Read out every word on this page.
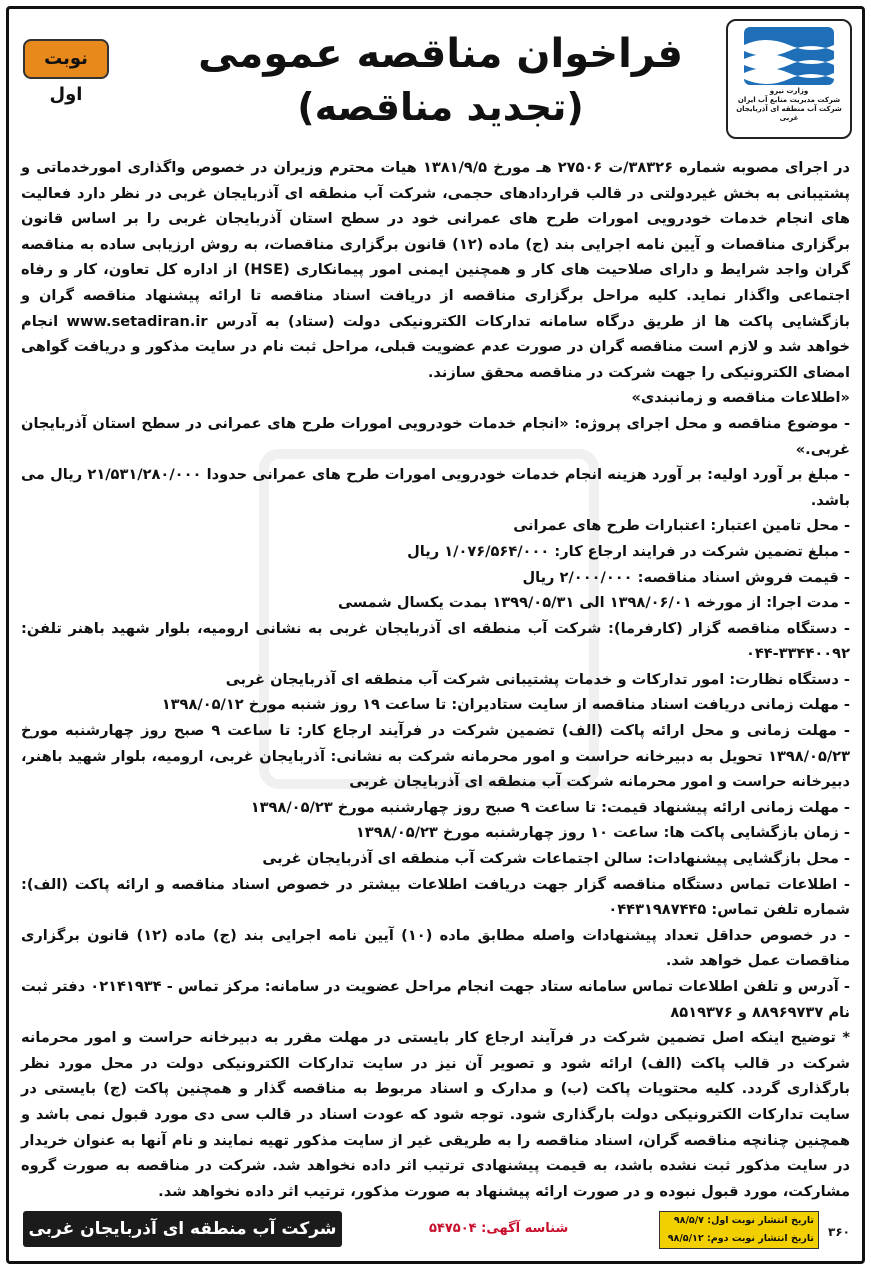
وزارت نیرو
شرکت مدیریت منابع آب ایران
شرکت آب منطقه ای آذربایجان غربی
فراخوان مناقصه عمومی
(تجدید مناقصه)
نوبت اول

در اجرای مصوبه شماره ۳۸۳۲۶/ت ۲۷۵۰۶ هـ مورخ ۱۳۸۱/۹/۵ هیات محترم وزیران در خصوص واگذاری امورخدماتی و پشتیبانی به بخش غیردولتی در قالب قراردادهای حجمی، شرکت آب منطقه ای آذربایجان غربی در نظر دارد فعالیت های انجام خدمات خودرویی امورات طرح های عمرانی خود در سطح استان آذربایجان غربی را بر اساس قانون برگزاری مناقصات و آیین نامه اجرایی بند (ج) ماده (۱۲) قانون برگزاری مناقصات، به روش ارزیابی ساده به مناقصه گران واجد شرایط و دارای صلاحیت های کار و همچنین ایمنی امور پیمانکاری (HSE) از اداره کل تعاون، کار و رفاه اجتماعی واگذار نماید. کلیه مراحل برگزاری مناقصه از دریافت اسناد مناقصه تا ارائه پیشنهاد مناقصه گران و بازگشایی پاکت ها از طریق درگاه سامانه تدارکات الکترونیکی دولت (ستاد) به آدرس www.setadiran.ir انجام خواهد شد و لازم است مناقصه گران در صورت عدم عضویت قبلی، مراحل ثبت نام در سایت مذکور و دریافت گواهی امضای الکترونیکی را جهت شرکت در مناقصه محقق سازند.

«اطلاعات مناقصه و زمانبندی»

- موضوع مناقصه و محل اجرای پروژه: «انجام خدمات خودرویی امورات طرح های عمرانی در سطح استان آذربایجان غربی.»
- مبلغ بر آورد اولیه: بر آورد هزینه انجام خدمات خودرویی امورات طرح های عمرانی حدودا ۲۱/۵۳۱/۲۸۰/۰۰۰ ریال می باشد.
- محل تامین اعتبار: اعتبارات طرح های عمرانی
- مبلغ تضمین شرکت در فرایند ارجاع کار: ۱/۰۷۶/۵۶۴/۰۰۰ ریال
- قیمت فروش اسناد مناقصه: ۲/۰۰۰/۰۰۰ ریال
- مدت اجرا: از مورخه ۱۳۹۸/۰۶/۰۱ الی ۱۳۹۹/۰۵/۳۱ بمدت یکسال شمسی
- دستگاه مناقصه گزار (کارفرما): شرکت آب منطقه ای آذربایجان غربی به نشانی ارومیه، بلوار شهید باهنر تلفن: ۳۳۴۴۰۰۹۲-۰۴۴
- دستگاه نظارت: امور تدارکات و خدمات پشتیبانی شرکت آب منطقه ای آذربایجان غربی
- مهلت زمانی دریافت اسناد مناقصه از سایت ستادیران: تا ساعت ۱۹ روز شنبه مورخ ۱۳۹۸/۰۵/۱۲
- مهلت زمانی و محل ارائه پاکت (الف) تضمین شرکت در فرآیند ارجاع کار: تا ساعت ۹ صبح روز چهارشنبه مورخ ۱۳۹۸/۰۵/۲۳ تحویل به دبیرخانه حراست و امور محرمانه شرکت به نشانی: آذربایجان غربی، ارومیه، بلوار شهید باهنر، دبیرخانه حراست و امور محرمانه شرکت آب منطقه ای آذربایجان غربی
- مهلت زمانی ارائه پیشنهاد قیمت: تا ساعت ۹ صبح روز چهارشنبه مورخ ۱۳۹۸/۰۵/۲۳
- زمان بازگشایی پاکت ها: ساعت ۱۰ روز چهارشنبه مورخ ۱۳۹۸/۰۵/۲۳
- محل بازگشایی پیشنهادات: سالن اجتماعات شرکت آب منطقه ای آذربایجان غربی
- اطلاعات تماس دستگاه مناقصه گزار جهت دریافت اطلاعات بیشتر در خصوص اسناد مناقصه و ارائه پاکت (الف): شماره تلفن تماس: ۰۴۴۳۱۹۸۷۴۴۵
- در خصوص حداقل تعداد پیشنهادات واصله مطابق ماده (۱۰) آیین نامه اجرایی بند (ج) ماده (۱۲) قانون برگزاری مناقصات عمل خواهد شد.
- آدرس و تلفن اطلاعات تماس سامانه ستاد جهت انجام مراحل عضویت در سامانه: مرکز تماس - ۰۲۱۴۱۹۳۴ دفتر ثبت نام ۸۸۹۶۹۷۳۷ و ۸۵۱۹۳۷۶

* توضیح اینکه اصل تضمین شرکت در فرآیند ارجاع کار بایستی در مهلت مقرر به دبیرخانه حراست و امور محرمانه شرکت در قالب پاکت (الف) ارائه شود و تصویر آن نیز در سایت تدارکات الکترونیکی دولت در محل مورد نظر بارگذاری گردد. کلیه محتویات پاکت (ب) و مدارک و اسناد مربوط به مناقصه گذار و همچنین پاکت (ج) بایستی در سایت تدارکات الکترونیکی دولت بارگذاری شود. توجه شود که عودت اسناد در قالب سی دی مورد قبول نمی باشد و همچنین چنانچه مناقصه گران، اسناد مناقصه را به طریقی غیر از سایت مذکور تهیه نمایند و نام آنها به عنوان خریدار در سایت مذکور ثبت نشده باشد، به قیمت پیشنهادی ترتیب اثر داده نخواهد شد. شرکت در مناقصه به صورت گروه مشارکت، مورد قبول نبوده و در صورت ارائه پیشنهاد به صورت مذکور، ترتیب اثر داده نخواهد شد.

شرکت آب منطقه ای آذربایجان غربی	شناسه آگهی: ۵۴۷۵۰۴
تاریخ انتشار نوبت اول: ۹۸/۵/۷
تاریخ انتشار نوبت دوم: ۹۸/۵/۱۲ ۳۶۰
